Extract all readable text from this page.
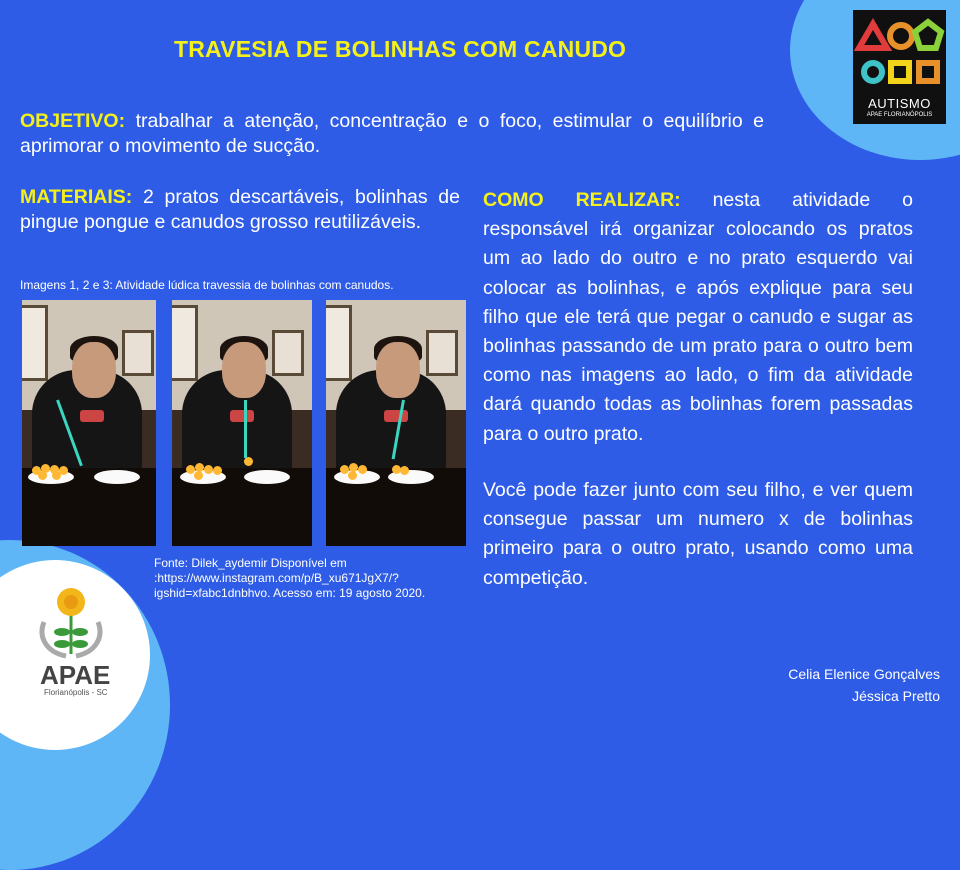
TRAVESIA DE BOLINHAS COM CANUDO
OBJETIVO: trabalhar a atenção, concentração e o foco, estimular o equilíbrio e aprimorar o movimento de sucção.
MATERIAIS: 2 pratos descartáveis, bolinhas de pingue pongue e canudos grosso reutilizáveis.
Imagens 1, 2 e 3: Atividade lúdica travessia de bolinhas com canudos.
Fonte: Dilek_aydemir Disponível em :https://www.instagram.com/p/B_xu671JgX7/?igshid=xfabc1dnbhvo. Acesso em: 19 agosto 2020.
COMO REALIZAR: nesta atividade o responsável irá organizar colocando os pratos um ao lado do outro e no prato esquerdo vai colocar as bolinhas, e após explique para seu filho que ele terá que pegar o canudo e sugar as bolinhas passando de um prato para o outro bem como nas imagens ao lado, o fim da atividade dará quando todas as bolinhas forem passadas para o outro prato.
Você pode fazer junto com seu filho, e ver quem consegue passar um numero x de bolinhas primeiro para o outro prato, usando como uma competição.
Celia Elenice Gonçalves
Jéssica Pretto
AUTISMO
APAE FLORIANÓPOLIS
APAE
Florianópolis - SC
